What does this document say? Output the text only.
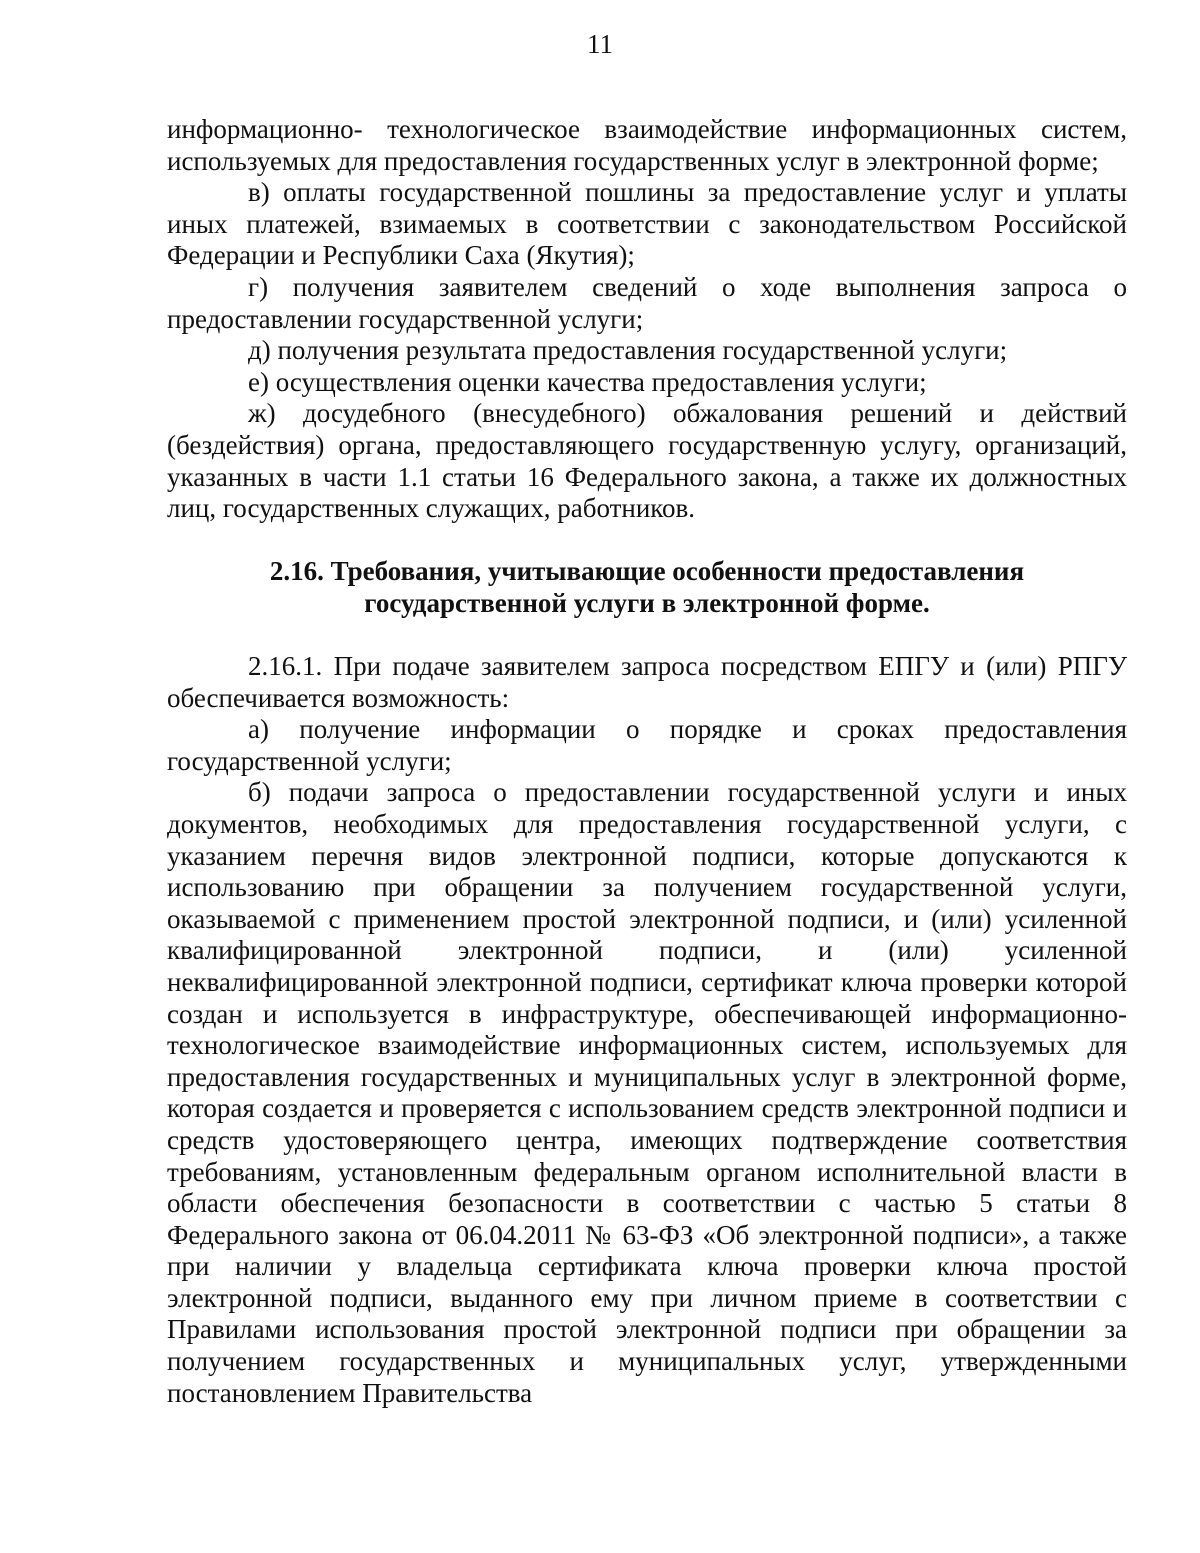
11

информационно- технологическое взаимодействие информационных систем, используемых для предоставления государственных услуг в электронной форме;

в) оплаты государственной пошлины за предоставление услуг и уплаты иных платежей, взимаемых в соответствии с законодательством Российской Федерации и Республики Саха (Якутия);

г) получения заявителем сведений о ходе выполнения запроса о предоставлении государственной услуги;

д) получения результата предоставления государственной услуги;

е) осуществления оценки качества предоставления услуги;

ж) досудебного (внесудебного) обжалования решений и действий (бездействия) органа, предоставляющего государственную услугу, организаций, указанных в части 1.1 статьи 16 Федерального закона, а также их должностных лиц, государственных служащих, работников.

2.16. Требования, учитывающие особенности предоставления
государственной услуги в электронной форме.

2.16.1. При подаче заявителем запроса посредством ЕПГУ и (или) РПГУ обеспечивается возможность:

а) получение информации о порядке и сроках предоставления государственной услуги;

б) подачи запроса о предоставлении государственной услуги и иных документов, необходимых для предоставления государственной услуги, с указанием перечня видов электронной подписи, которые допускаются к использованию при обращении за получением государственной услуги, оказываемой с применением простой электронной подписи, и (или) усиленной квалифицированной электронной подписи, и (или) усиленной неквалифицированной электронной подписи, сертификат ключа проверки которой создан и используется в инфраструктуре, обеспечивающей информационно-технологическое взаимодействие информационных систем, используемых для предоставления государственных и муниципальных услуг в электронной форме, которая создается и проверяется с использованием средств электронной подписи и средств удостоверяющего центра, имеющих подтверждение соответствия требованиям, установленным федеральным органом исполнительной власти в области обеспечения безопасности в соответствии с частью 5 статьи 8 Федерального закона от 06.04.2011 № 63-ФЗ «Об электронной подписи», а также при наличии у владельца сертификата ключа проверки ключа простой электронной подписи, выданного ему при личном приеме в соответствии с Правилами использования простой электронной подписи при обращении за получением государственных и муниципальных услуг, утвержденными постановлением Правительства
